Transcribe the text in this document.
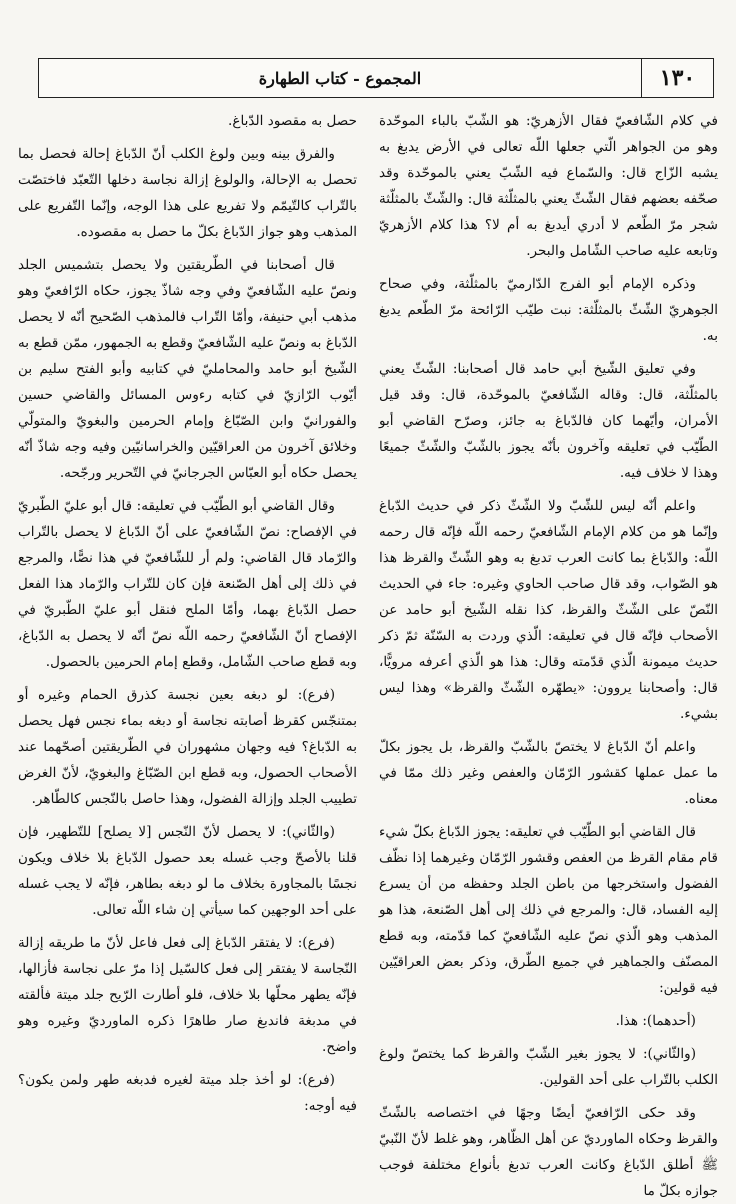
١٣٠
المجموع - كتاب الطهارة

في كلام الشّافعيّ فقال الأزهريّ: هو الشّبّ بالباء الموحّدة وهو من الجواهر الّتي جعلها اللّه تعالى في الأرض يدبغ به يشبه الزّاج قال: والسّماع فيه الشّبّ يعني بالموحّدة وقد صحّفه بعضهم فقال الشّثّ يعني بالمثلّثة قال: والشّثّ بالمثلّثة شجر مرّ الطّعم لا أدري أيدبغ به أم لا؟ هذا كلام الأزهريّ وتابعه عليه صاحب الشّامل والبحر.

وذكره الإمام أبو الفرج الدّارميّ بالمثلّثة، وفي صحاح الجوهريّ الشّثّ بالمثلّثة: نبت طيّب الرّائحة مرّ الطّعم يدبغ به.

وفي تعليق الشّيخ أبي حامد قال أصحابنا: الشّثّ يعني بالمثلّثة، قال: وقاله الشّافعيّ بالموحّدة، قال: وقد قيل الأمران، وأيّهما كان فالدّباغ به جائز، وصرّح القاضي أبو الطّيّب في تعليقه وآخرون بأنّه يجوز بالشّبّ والشّثّ جميعًا وهذا لا خلاف فيه.

واعلم أنّه ليس للشّبّ ولا الشّثّ ذكر في حديث الدّباغ وإنّما هو من كلام الإمام الشّافعيّ رحمه اللّه فإنّه قال رحمه اللّه: والدّباغ بما كانت العرب تدبغ به وهو الشّثّ والقرظ هذا هو الصّواب، وقد قال صاحب الحاوي وغيره: جاء في الحديث النّصّ على الشّثّ والقرظ، كذا نقله الشّيخ أبو حامد عن الأصحاب فإنّه قال في تعليقه: الّذي وردت به السّنّة ثمّ ذكر حديث ميمونة الّذي قدّمته وقال: هذا هو الّذي أعرفه مرويًّا، قال: وأصحابنا يروون: «يطهّره الشّثّ والقرظ» وهذا ليس بشيء.

واعلم أنّ الدّباغ لا يختصّ بالشّبّ والقرظ، بل يجوز بكلّ ما عمل عملها كقشور الرّمّان والعفص وغير ذلك ممّا في معناه.

قال القاضي أبو الطّيّب في تعليقه: يجوز الدّباغ بكلّ شيء قام مقام القرظ من العفص وقشور الرّمّان وغيرهما إذا نظّف الفضول واستخرجها من باطن الجلد وحفظه من أن يسرع إليه الفساد، قال: والمرجع في ذلك إلى أهل الصّنعة، هذا هو المذهب وهو الّذي نصّ عليه الشّافعيّ كما قدّمته، وبه قطع المصنّف والجماهير في جميع الطّرق، وذكر بعض العراقيّين فيه قولين:

(أحدهما): هذا.

(والثّاني): لا يجوز بغير الشّبّ والقرظ كما يختصّ ولوغ الكلب بالتّراب على أحد القولين.

وقد حكى الرّافعيّ أيضًا وجهًا في اختصاصه بالشّثّ والقرظ وحكاه الماورديّ عن أهل الظّاهر، وهو غلط لأنّ النّبيّ ﷺ أطلق الدّباغ وكانت العرب تدبغ بأنواع مختلفة فوجب جوازه بكلّ ما

حصل به مقصود الدّباغ.

والفرق بينه وبين ولوغ الكلب أنّ الدّباغ إحالة فحصل بما تحصل به الإحالة، والولوغ إزالة نجاسة دخلها التّعبّد فاختصّت بالتّراب كالتّيمّم ولا تفريع على هذا الوجه، وإنّما التّفريع على المذهب وهو جواز الدّباغ بكلّ ما حصل به مقصوده.

قال أصحابنا في الطّريقتين ولا يحصل بتشميس الجلد ونصّ عليه الشّافعيّ وفي وجه شاذّ يجوز، حكاه الرّافعيّ وهو مذهب أبي حنيفة، وأمّا التّراب فالمذهب الصّحيح أنّه لا يحصل الدّباغ به ونصّ عليه الشّافعيّ وقطع به الجمهور، ممّن قطع به الشّيخ أبو حامد والمحامليّ في كتابيه وأبو الفتح سليم بن أيّوب الرّازيّ في كتابه رءوس المسائل والقاضي حسين والفورانيّ وابن الصّبّاغ وإمام الحرمين والبغويّ والمتولّي وخلائق آخرون من العراقيّين والخراسانيّين وفيه وجه شاذّ أنّه يحصل حكاه أبو العبّاس الجرجانيّ في التّحرير ورجّحه.

وقال القاضي أبو الطّيّب في تعليقه: قال أبو عليّ الطّبريّ في الإفصاح: نصّ الشّافعيّ على أنّ الدّباغ لا يحصل بالتّراب والرّماد قال القاضي: ولم أر للشّافعيّ في هذا نصًّا، والمرجع في ذلك إلى أهل الصّنعة فإن كان للتّراب والرّماد هذا الفعل حصل الدّباغ بهما، وأمّا الملح فنقل أبو عليّ الطّبريّ في الإفصاح أنّ الشّافعيّ رحمه اللّه نصّ أنّه لا يحصل به الدّباغ، وبه قطع صاحب الشّامل، وقطع إمام الحرمين بالحصول.

(فرع): لو دبغه بعين نجسة كذرق الحمام وغيره أو بمتنجّس كقرظ أصابته نجاسة أو دبغه بماء نجس فهل يحصل به الدّباغ؟ فيه وجهان مشهوران في الطّريقتين أصحّهما عند الأصحاب الحصول، وبه قطع ابن الصّبّاغ والبغويّ، لأنّ الغرض تطييب الجلد وإزالة الفضول، وهذا حاصل بالنّجس كالطّاهر.

(والثّاني): لا يحصل لأنّ النّجس [لا يصلح] للتّطهير، فإن قلنا بالأصحّ وجب غسله بعد حصول الدّباغ بلا خلاف ويكون نجسًا بالمجاورة بخلاف ما لو دبغه بطاهر، فإنّه لا يجب غسله على أحد الوجهين كما سيأتي إن شاء اللّه تعالى.

(فرع): لا يفتقر الدّباغ إلى فعل فاعل لأنّ ما طريقه إزالة النّجاسة لا يفتقر إلى فعل كالسّيل إذا مرّ على نجاسة فأزالها، فإنّه يطهر محلّها بلا خلاف، فلو أطارت الرّيح جلد ميتة فألقته في مدبغة فاندبغ صار طاهرًا ذكره الماورديّ وغيره وهو واضح.

(فرع): لو أخذ جلد ميتة لغيره فدبغه طهر ولمن يكون؟ فيه أوجه:
